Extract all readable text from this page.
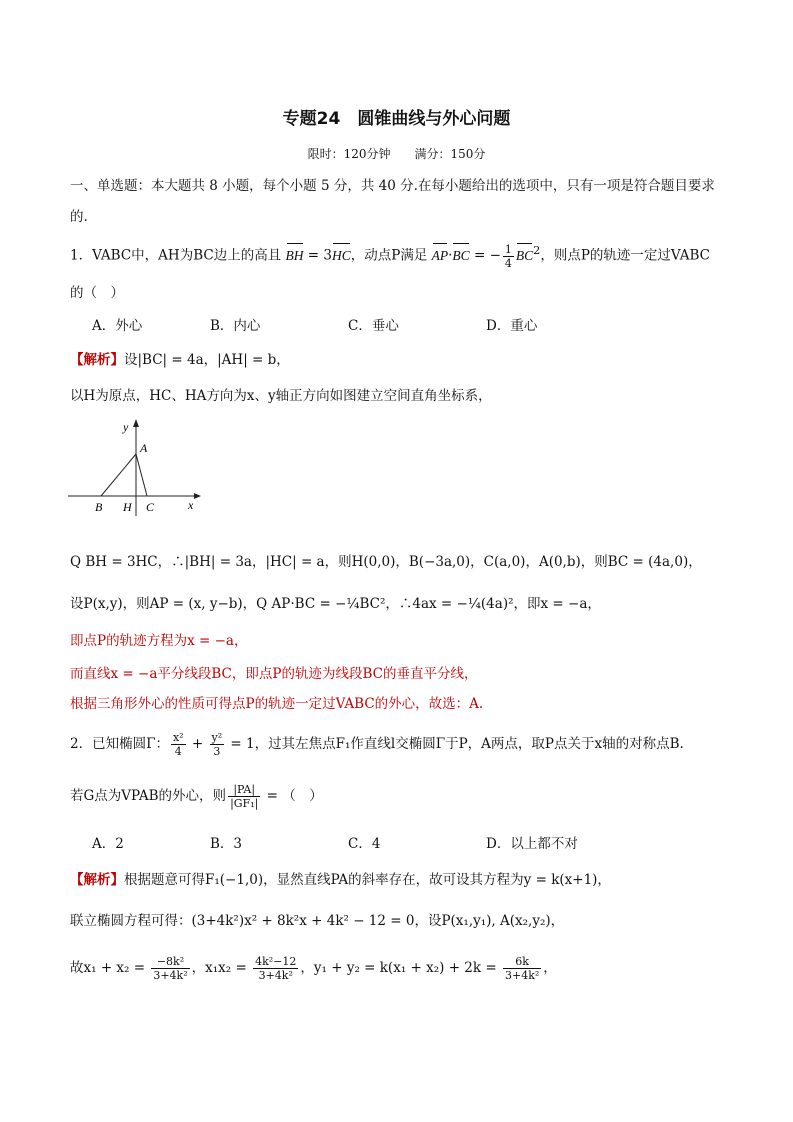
专题24　圆锥曲线与外心问题
限时：120分钟　　满分：150分
一、单选题：本大题共 8 小题，每个小题 5 分，共 40 分.在每小题给出的选项中，只有一项是符合题目要求
的.
1．VABC中，AH为BC边上的高且 BH = 3HC，动点P满足 AP·BC = − $\frac{1}{4} BC^2$，则点P的轨迹一定过VABC
的（　）
A．外心	B．内心	C．垂心	D．重心
【解析】设|BC| = 4a，|AH| = b，
以H为原点，HC、HA方向为x、y轴正方向如图建立空间直角坐标系，
y
A
B H C	x
Q BH = 3HC，∴|BH| = 3a，|HC| = a，则H(0,0)，B(−3a,0)，C(a,0)，A(0,b)，则BC = (4a,0)，
设P(x,y)，则AP = (x, y−b)，Q AP·BC = −¼BC²，∴4ax = −¼(4a)²，即x = −a，
即点P的轨迹方程为x = −a，
而直线x = −a平分线段BC，即点P的轨迹为线段BC的垂直平分线，
根据三角形外心的性质可得点P的轨迹一定过VABC的外心，故选：A.
2．已知椭圆Γ： $\frac{\text{x²}}{4} + \frac{\text{y²}}{3} = 1$，过其左焦点F₁作直线l交椭圆Γ于P，A两点，取P点关于x轴的对称点B.
若G点为VPAB的外心，则 $\frac{|PA|}{\text{|GF₁|}}$ = （　）
A．2	B．3	C．4	D．以上都不对
【解析】根据题意可得F₁(−1,0)，显然直线PA的斜率存在，故可设其方程为y = k(x+1)，
联立椭圆方程可得：(3+4k²)x² + 8k²x + 4k² − 12 = 0，设P(x₁,y₁), A(x₂,y₂)，
故$x_1 + x_2 = \frac{\text{−8k²}}{\text{3+4k²}}$ ，$x_1x_2 = \frac{\text{4k²−12}}{\text{3+4k²}}$ ，$y_1 + y_2 = k(x_1 + x_2) + 2k = \frac{6k}{\text{3+4k²}}$ ，
